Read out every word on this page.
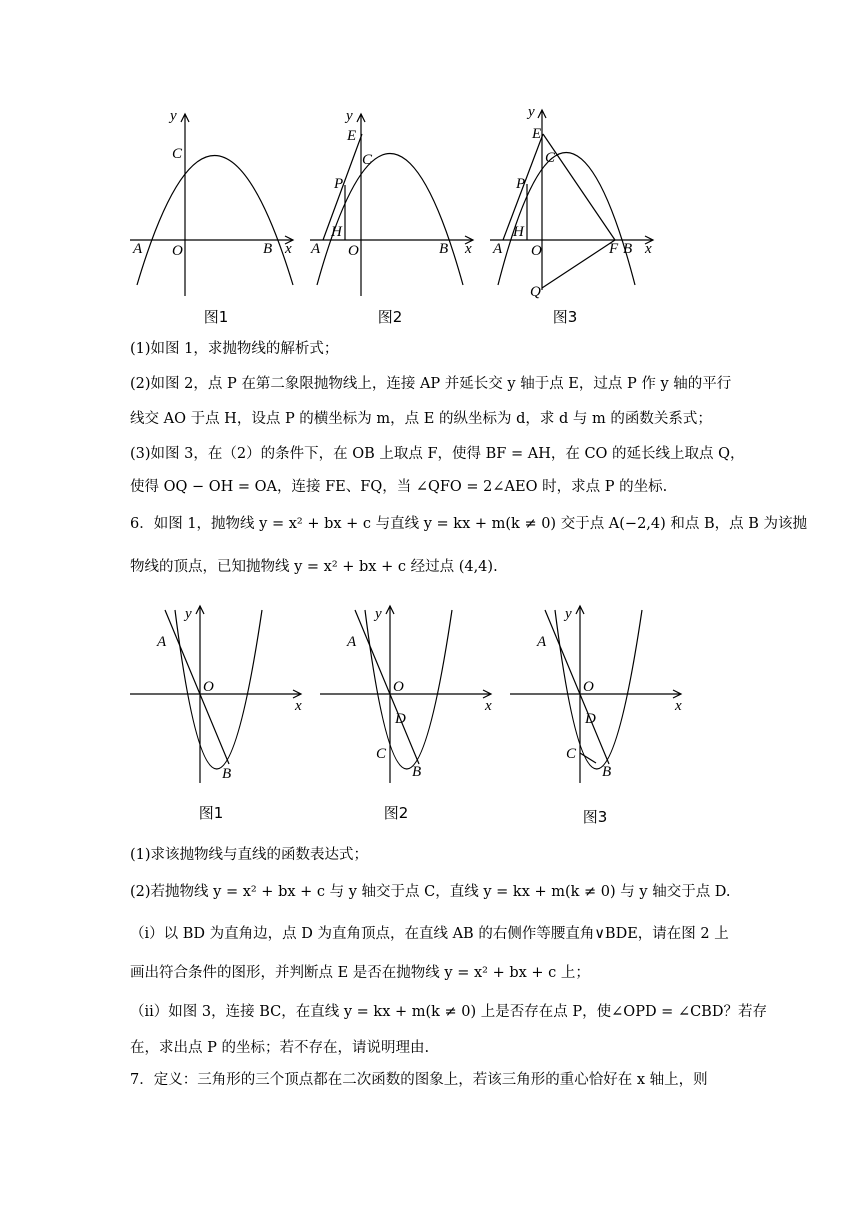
y
x
A O	B
C
图1
y
x
A
H
O	B
E
C
P
图2
y
x
A
H
O	F B
E
C
P
Q
图3
(1)如图 1，求抛物线的解析式；
(2)如图 2，点 P 在第二象限抛物线上，连接 AP 并延长交 y 轴于点 E，过点 P 作 y 轴的平行
线交 AO 于点 H，设点 P 的横坐标为 m，点 E 的纵坐标为 d，求 d 与 m 的函数关系式；
(3)如图 3，在（2）的条件下，在 OB 上取点 F，使得 BF = AH，在 CO 的延长线上取点 Q，
使得 OQ − OH = OA，连接 FE、FQ，当 ∠QFO = 2∠AEO 时，求点 P 的坐标.
6．如图 1，抛物线 y = x² + bx + c 与直线 y = kx + m(k ≠ 0) 交于点 A(−2,4) 和点 B，点 B 为该抛
物线的顶点，已知抛物线 y = x² + bx + c 经过点 (4,4).
y
x
O
A
B
图1
y
x
O
A
D
C
B
图2
y
x
O
A
D
C
B
图3
(1)求该抛物线与直线的函数表达式；
(2)若抛物线 y = x² + bx + c 与 y 轴交于点 C，直线 y = kx + m(k ≠ 0) 与 y 轴交于点 D.
（i）以 BD 为直角边，点 D 为直角顶点，在直线 AB 的右侧作等腰直角∨BDE，请在图 2 上
画出符合条件的图形，并判断点 E 是否在抛物线 y = x² + bx + c 上；
（ii）如图 3，连接 BC，在直线 y = kx + m(k ≠ 0) 上是否存在点 P，使∠OPD = ∠CBD？若存
在，求出点 P 的坐标；若不存在，请说明理由.
7．定义：三角形的三个顶点都在二次函数的图象上，若该三角形的重心恰好在 x 轴上，则
